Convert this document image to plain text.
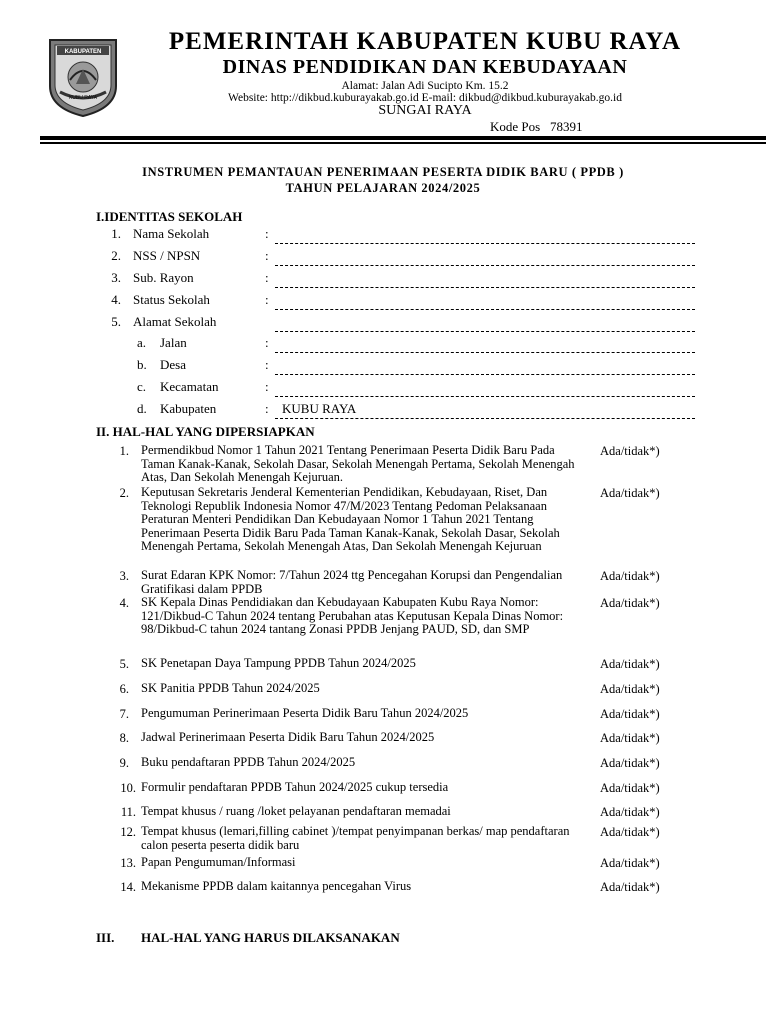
KABUPATEN
KUBU RAYA
PEMERINTAH KABUPATEN KUBU RAYA
DINAS PENDIDIKAN DAN KEBUDAYAAN
Alamat: Jalan Adi Sucipto Km. 15.2
Website: http://dikbud.kuburayakab.go.id E-mail: dikbud@dikbud.kuburayakab.go.id
SUNGAI RAYA
Kode Pos   78391
INSTRUMEN PEMANTAUAN PENERIMAAN PESERTA DIDIK BARU ( PPDB )
TAHUN PELAJARAN 2024/2025
I.IDENTITAS SEKOLAH
1. Nama Sekolah	:
2. NSS / NPSN	:
3. Sub. Rayon	:
4. Status Sekolah	:
5. Alamat Sekolah
a. Jalan	:
b. Desa	:
c. Kecamatan	:
d. Kabupaten	: KUBU RAYA
II. HAL-HAL YANG DIPERSIAPKAN
1. Permendikbud Nomor 1 Tahun 2021 Tentang Penerimaan Peserta Didik Baru Pada Taman Kanak-Kanak, Sekolah Dasar, Sekolah Menengah Pertama, Sekolah Menengah Atas, Dan Sekolah Menengah Kejuruan.
Ada/tidak*)
2. Keputusan Sekretaris Jenderal Kementerian Pendidikan, Kebudayaan, Riset, Dan Teknologi Republik Indonesia Nomor 47/M/2023 Tentang Pedoman Pelaksanaan Peraturan Menteri Pendidikan Dan Kebudayaan Nomor 1 Tahun 2021 Tentang Penerimaan Peserta Didik Baru Pada Taman Kanak-Kanak, Sekolah Dasar, Sekolah Menengah Pertama, Sekolah Menengah Atas, Dan Sekolah Menengah Kejuruan
Ada/tidak*)
3. Surat Edaran KPK Nomor: 7/Tahun 2024 ttg Pencegahan Korupsi dan Pengendalian Gratifikasi dalam PPDB
Ada/tidak*)
4. SK Kepala Dinas Pendidiakan dan Kebudayaan Kabupaten Kubu Raya Nomor: 121/Dikbud-C Tahun 2024 tentang Perubahan atas Keputusan Kepala Dinas Nomor: 98/Dikbud-C tahun 2024 tantang Zonasi PPDB Jenjang PAUD, SD, dan SMP
Ada/tidak*)
5. SK Penetapan Daya Tampung PPDB Tahun 2024/2025	Ada/tidak*)
6. SK Panitia PPDB Tahun 2024/2025	Ada/tidak*)
7. Pengumuman Perinerimaan Peserta Didik Baru Tahun 2024/2025	Ada/tidak*)
8. Jadwal Perinerimaan Peserta Didik Baru Tahun 2024/2025	Ada/tidak*)
9. Buku pendaftaran PPDB Tahun 2024/2025	Ada/tidak*)
10. Formulir pendaftaran PPDB Tahun 2024/2025 cukup tersedia	Ada/tidak*)
11. Tempat khusus / ruang /loket pelayanan pendaftaran memadai	Ada/tidak*)
12. Tempat khusus (lemari,filling cabinet )/tempat penyimpanan berkas/ map pendaftaran calon peserta peserta didik baru
Ada/tidak*)
13. Papan Pengumuman/Informasi	Ada/tidak*)
14. Mekanisme PPDB dalam kaitannya pencegahan Virus	Ada/tidak*)
III. HAL-HAL YANG HARUS DILAKSANAKAN
